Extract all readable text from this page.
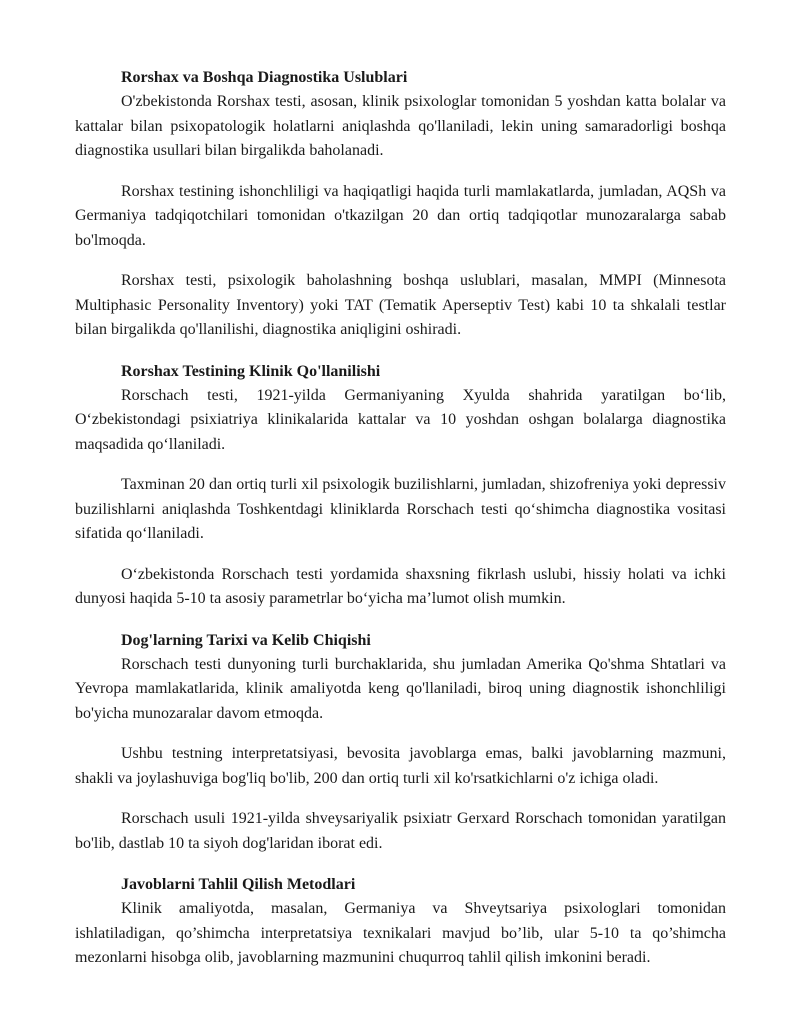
Rorshax va Boshqa Diagnostika Uslublari

O'zbekistonda Rorshax testi, asosan, klinik psixologlar tomonidan 5 yoshdan katta bolalar va kattalar bilan psixopatologik holatlarni aniqlashda qo'llaniladi, lekin uning samaradorligi boshqa diagnostika usullari bilan birgalikda baholanadi.

Rorshax testining ishonchliligi va haqiqatligi haqida turli mamlakatlarda, jumladan, AQSh va Germaniya tadqiqotchilari tomonidan o'tkazilgan 20 dan ortiq tadqiqotlar munozaralarga sabab bo'lmoqda.

Rorshax testi, psixologik baholashning boshqa uslublari, masalan, MMPI (Minnesota Multiphasic Personality Inventory) yoki TAT (Tematik Aperseptiv Test) kabi 10 ta shkalali testlar bilan birgalikda qo'llanilishi, diagnostika aniqligini oshiradi.

Rorshax Testining Klinik Qo'llanilishi

Rorschach testi, 1921-yilda Germaniyaning Xyulda shahrida yaratilgan bo‘lib, O‘zbekistondagi psixiatriya klinikalarida kattalar va 10 yoshdan oshgan bolalarga diagnostika maqsadida qo‘llaniladi.

Taxminan 20 dan ortiq turli xil psixologik buzilishlarni, jumladan, shizofreniya yoki depressiv buzilishlarni aniqlashda Toshkentdagi kliniklarda Rorschach testi qo‘shimcha diagnostika vositasi sifatida qo‘llaniladi.

O‘zbekistonda Rorschach testi yordamida shaxsning fikrlash uslubi, hissiy holati va ichki dunyosi haqida 5-10 ta asosiy parametrlar bo‘yicha ma’lumot olish mumkin.

Dog'larning Tarixi va Kelib Chiqishi

Rorschach testi dunyoning turli burchaklarida, shu jumladan Amerika Qo'shma Shtatlari va Yevropa mamlakatlarida, klinik amaliyotda keng qo'llaniladi, biroq uning diagnostik ishonchliligi bo'yicha munozaralar davom etmoqda.

Ushbu testning interpretatsiyasi, bevosita javoblarga emas, balki javoblarning mazmuni, shakli va joylashuviga bog'liq bo'lib, 200 dan ortiq turli xil ko'rsatkichlarni o'z ichiga oladi.

Rorschach usuli 1921-yilda shveysariyalik psixiatr Gerxard Rorschach tomonidan yaratilgan bo'lib, dastlab 10 ta siyoh dog'laridan iborat edi.

Javoblarni Tahlil Qilish Metodlari

Klinik amaliyotda, masalan, Germaniya va Shveytsariya psixologlari tomonidan ishlatiladigan, qo’shimcha interpretatsiya texnikalari mavjud bo’lib, ular 5-10 ta qo’shimcha mezonlarni hisobga olib, javoblarning mazmunini chuqurroq tahlil qilish imkonini beradi.
